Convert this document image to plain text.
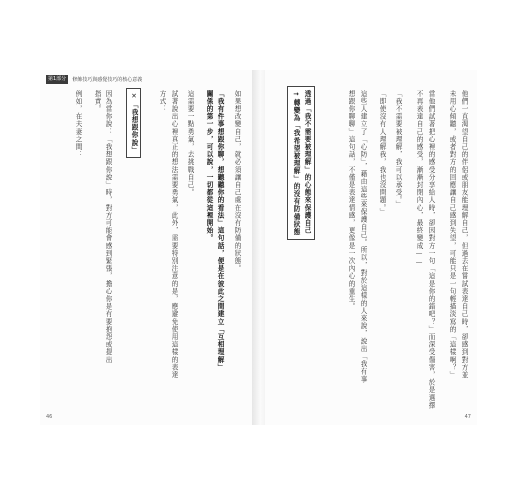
第1部分	修飾技巧與感覺技巧的核心意義
如果想改變自己，就必須讓自己處在沒有防備的狀態。
「我有件事想跟你聊，想聽聽你的看法」這句話，便是在彼此之間建立「互相理解」
關係的第一步，可以說，一切都從這裡開始。
這需要一點勇氣，去挑戰自己。
試著說出心裡真正的想法需要勇氣，此外，需要特別注意的是，應避免使用這樣的表達
方式：
✕「我想跟你說」
因為當你說：「我想跟你說」時，對方可能會感到緊張，擔心你是有要抱怨或提出
指責。
例如，在夫妻之間：
46
他們一直渴望自己的伴侶或朋友能理解自己，但過去在嘗試表達自己時，卻感到對方並
未用心傾聽，或者對方的回應讓自己感到失望，可能只是一句輕描淡寫的「這樣啊？」
當他們試著把心裡的感受分享給人時，卻因對方一句「這是你的錯吧？」而深受傷害，於是選擇
不再表達自己的感受，漸漸封閉內心，最終變成——
「我不需要被理解，我可以承受。」
「即使沒有人理解我，我也沒問題。」
這些人建立了「心防」，藉由這些來保護自己。所以，對於這樣的人來說，說出「我有事
想跟你聊聊」這句話，不僅是表達情感，更像是一次內心的重生。
透過「我不需要被理解」的心態來保護自己
→轉變為「我希望被理解」的沒有防備狀態
47
